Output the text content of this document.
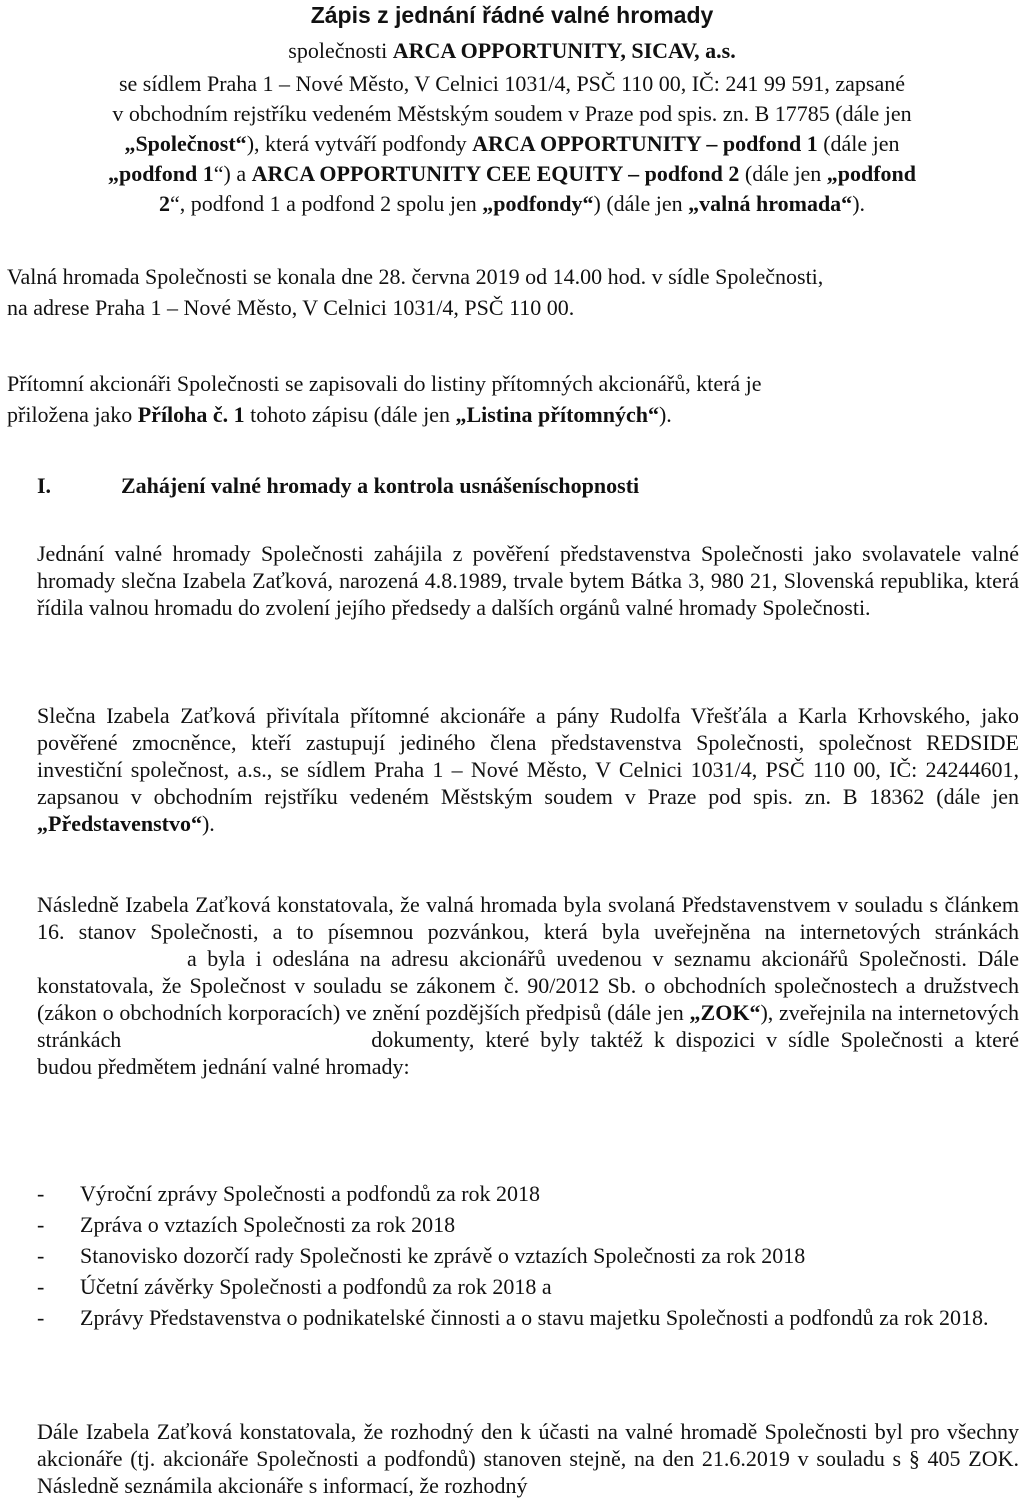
Zápis z jednání řádné valné hromady
společnosti ARCA OPPORTUNITY, SICAV, a.s.
se sídlem Praha 1 – Nové Město, V Celnici 1031/4, PSČ 110 00, IČ: 241 99 591, zapsané
v obchodním rejstříku vedeném Městským soudem v Praze pod spis. zn. B 17785 (dále jen
„Společnost“), která vytváří podfondy ARCA OPPORTUNITY – podfond 1 (dále jen
„podfond 1“) a ARCA OPPORTUNITY CEE EQUITY – podfond 2 (dále jen „podfond
2“, podfond 1 a podfond 2 spolu jen „podfondy“) (dále jen „valná hromada“).
Valná hromada Společnosti se konala dne 28. června 2019 od 14.00 hod. v sídle Společnosti,
na adrese Praha 1 – Nové Město, V Celnici 1031/4, PSČ 110 00.
Přítomní akcionáři Společnosti se zapisovali do listiny přítomných akcionářů, která je
přiložena jako Příloha č. 1 tohoto zápisu (dále jen „Listina přítomných“).
I.	Zahájení valné hromady a kontrola usnášeníschopnosti
Jednání valné hromady Společnosti zahájila z pověření představenstva Společnosti jako svolavatele valné hromady slečna Izabela Zaťková, narozená 4.8.1989, trvale bytem Bátka 3, 980 21, Slovenská republika, která řídila valnou hromadu do zvolení jejího předsedy a dalších orgánů valné hromady Společnosti.
Slečna Izabela Zaťková přivítala přítomné akcionáře a pány Rudolfa Vřešťála a Karla Krhovského, jako pověřené zmocněnce, kteří zastupují jediného člena představenstva Společnosti, společnost REDSIDE investiční společnost, a.s., se sídlem Praha 1 – Nové Město, V Celnici 1031/4, PSČ 110 00, IČ: 24244601, zapsanou v obchodním rejstříku vedeném Městským soudem v Praze pod spis. zn. B 18362 (dále jen „Představenstvo“).
Následně Izabela Zaťková konstatovala, že valná hromada byla svolaná Představenstvem v souladu s článkem 16. stanov Společnosti, a to písemnou pozvánkou, která byla uveřejněna na internetových stránkácha byla i odeslána na adresu akcionářů uvedenou v seznamu akcionářů Společnosti. Dále konstatovala, že Společnost v souladu se zákonem č. 90/2012 Sb. o obchodních společnostech a družstvech (zákon o obchodních korporacích) ve znění pozdějších předpisů (dále jen „ZOK“), zveřejnila na internetových stránkách	dokumenty, které byly taktéž k dispozici v sídle Společnosti a které budou předmětem jednání valné hromady:
- Výroční zprávy Společnosti a podfondů za rok 2018
- Zpráva o vztazích Společnosti za rok 2018
- Stanovisko dozorčí rady Společnosti ke zprávě o vztazích Společnosti za rok 2018
- Účetní závěrky Společnosti a podfondů za rok 2018 a
- Zprávy Představenstva o podnikatelské činnosti a o stavu majetku Společnosti a podfondů za rok 2018.
Dále Izabela Zaťková konstatovala, že rozhodný den k účasti na valné hromadě Společnosti byl pro všechny akcionáře (tj. akcionáře Společnosti a podfondů) stanoven stejně, na den 21.6.2019 v souladu s § 405 ZOK. Následně seznámila akcionáře s informací, že rozhodný
